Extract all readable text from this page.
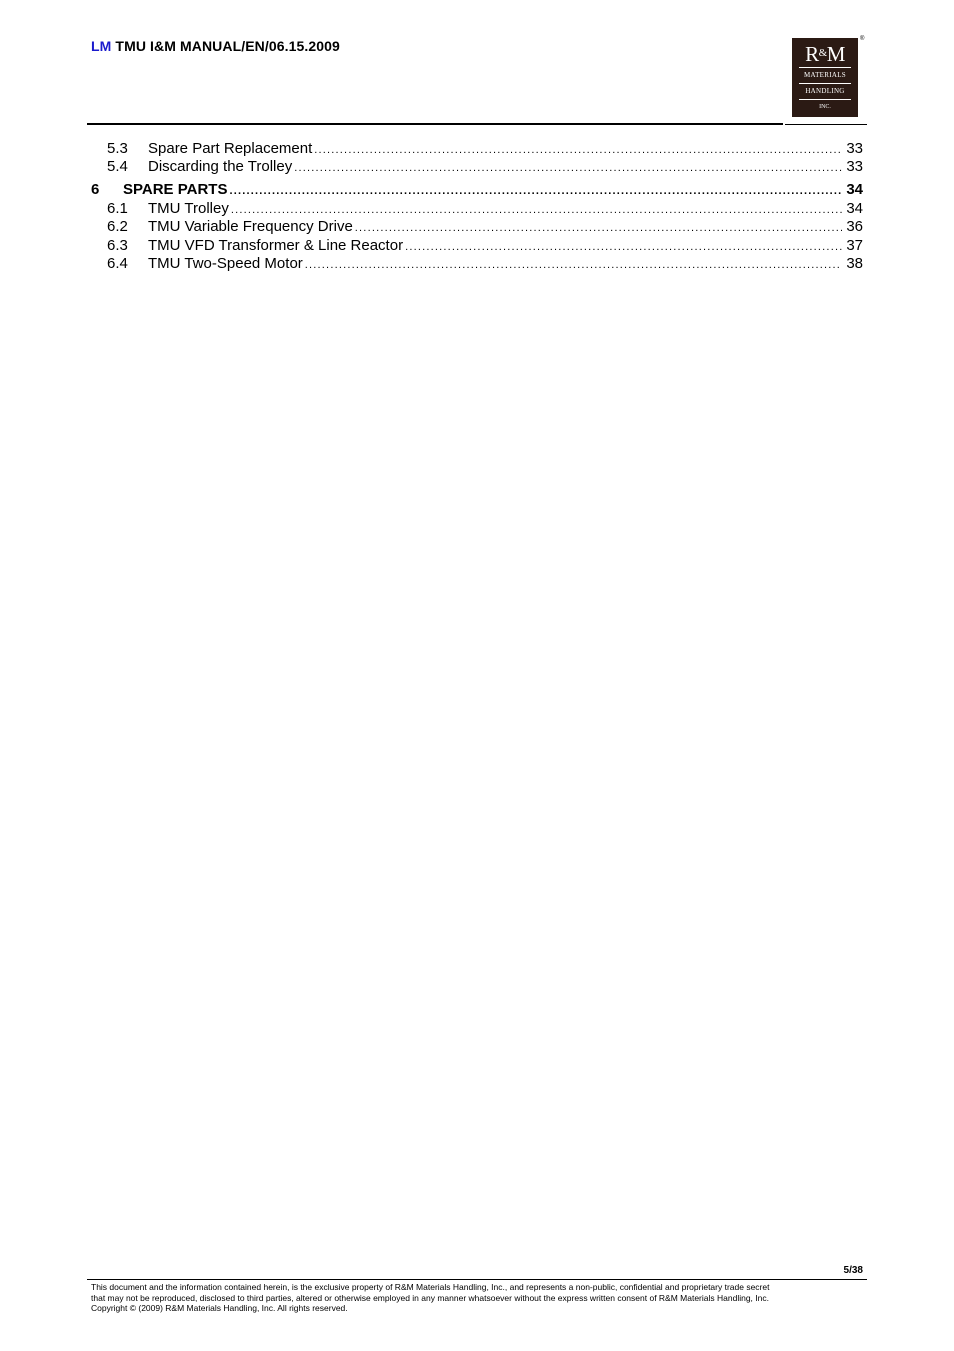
LM TMU I&M MANUAL/EN/06.15.2009	R&M
MATERIALS
HANDLING
INC.
®
5.3	Spare Part Replacement .....	33
5.4	Discarding the Trolley .....	33
6	SPARE PARTS .....	34
6.1	TMU Trolley .....	34
6.2	TMU Variable Frequency Drive .....	36
6.3	TMU VFD Transformer & Line Reactor .....	37
6.4	TMU Two-Speed Motor .....	38
5/38
This document and the information contained herein, is the exclusive property of R&M Materials Handling, Inc., and represents a non-public, confidential and proprietary trade secret
that may not be reproduced, disclosed to third parties, altered or otherwise employed in any manner whatsoever without the express written consent of R&M Materials Handling, Inc.
Copyright © (2009) R&M Materials Handling, Inc. All rights reserved.
